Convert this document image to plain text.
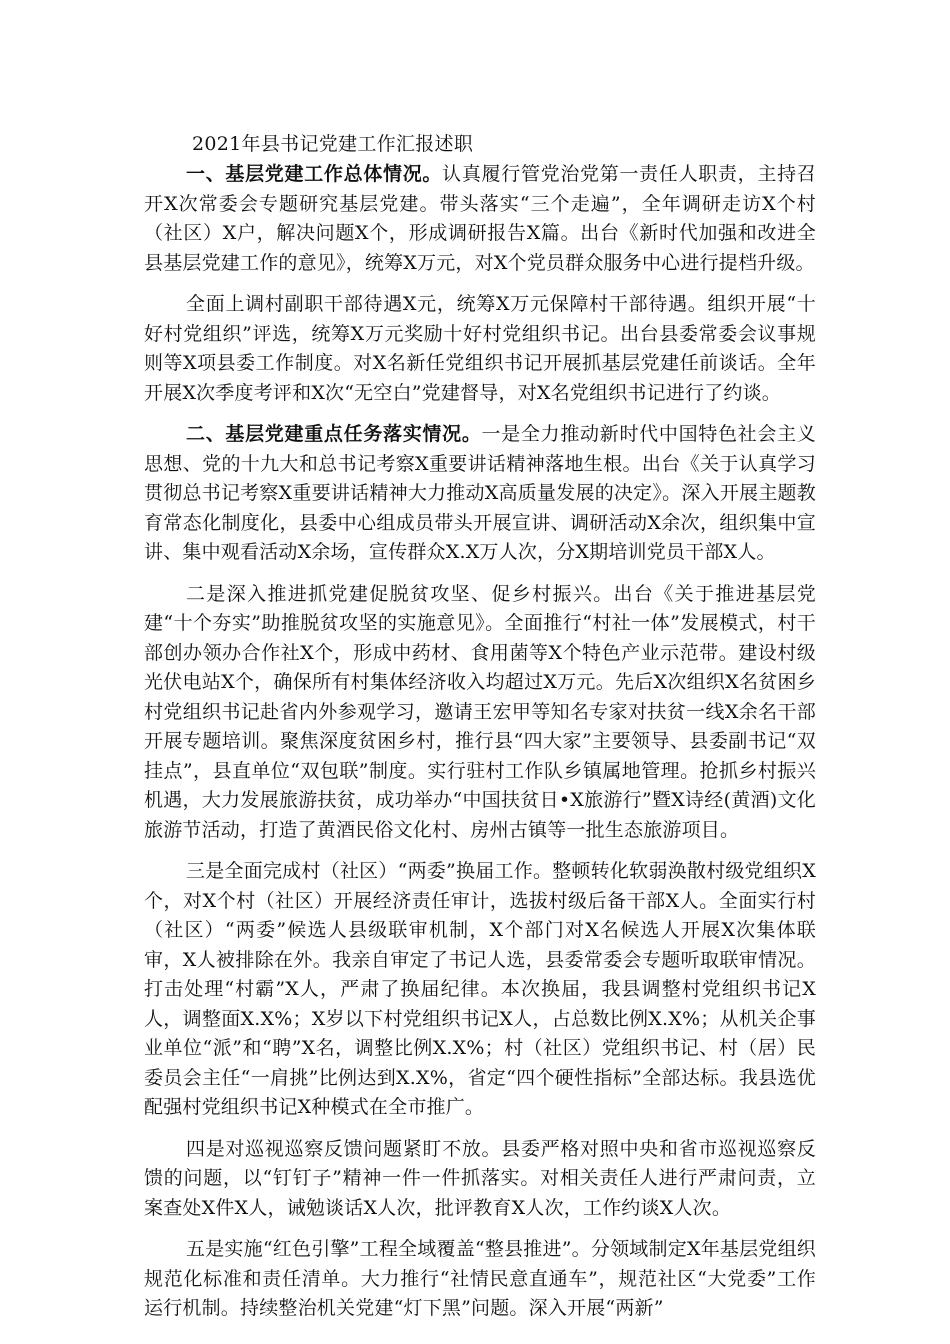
2021年县书记党建工作汇报述职

一、基层党建工作总体情况。认真履行管党治党第一责任人职责，主持召开X次常委会专题研究基层党建。带头落实“三个走遍”，全年调研走访X个村（社区）X户，解决问题X个，形成调研报告X篇。出台《新时代加强和改进全县基层党建工作的意见》，统筹X万元，对X个党员群众服务中心进行提档升级。

全面上调村副职干部待遇X元，统筹X万元保障村干部待遇。组织开展“十好村党组织”评选，统筹X万元奖励十好村党组织书记。出台县委常委会议事规则等X项县委工作制度。对X名新任党组织书记开展抓基层党建任前谈话。全年开展X次季度考评和X次“无空白”党建督导，对X名党组织书记进行了约谈。

二、基层党建重点任务落实情况。一是全力推动新时代中国特色社会主义思想、党的十九大和总书记考察X重要讲话精神落地生根。出台《关于认真学习贯彻总书记考察X重要讲话精神大力推动X高质量发展的决定》。深入开展主题教育常态化制度化，县委中心组成员带头开展宣讲、调研活动X余次，组织集中宣讲、集中观看活动X余场，宣传群众X.X万人次，分X期培训党员干部X人。

二是深入推进抓党建促脱贫攻坚、促乡村振兴。出台《关于推进基层党建“十个夯实”助推脱贫攻坚的实施意见》。全面推行“村社一体”发展模式，村干部创办领办合作社X个，形成中药材、食用菌等X个特色产业示范带。建设村级光伏电站X个，确保所有村集体经济收入均超过X万元。先后X次组织X名贫困乡村党组织书记赴省内外参观学习，邀请王宏甲等知名专家对扶贫一线X余名干部开展专题培训。聚焦深度贫困乡村，推行县“四大家”主要领导、县委副书记“双挂点”，县直单位“双包联”制度。实行驻村工作队乡镇属地管理。抢抓乡村振兴机遇，大力发展旅游扶贫，成功举办“中国扶贫日•X旅游行”暨X诗经(黄酒)文化旅游节活动，打造了黄酒民俗文化村、房州古镇等一批生态旅游项目。

三是全面完成村（社区）“两委”换届工作。整顿转化软弱涣散村级党组织X个，对X个村（社区）开展经济责任审计，选拔村级后备干部X人。全面实行村（社区）“两委”候选人县级联审机制，X个部门对X名候选人开展X次集体联审，X人被排除在外。我亲自审定了书记人选，县委常委会专题听取联审情况。打击处理“村霸”X人，严肃了换届纪律。本次换届，我县调整村党组织书记X人，调整面X.X%；X岁以下村党组织书记X人，占总数比例X.X%；从机关企事业单位“派”和“聘”X名，调整比例X.X%；村（社区）党组织书记、村（居）民委员会主任“一肩挑”比例达到X.X%，省定“四个硬性指标”全部达标。我县选优配强村党组织书记X种模式在全市推广。

四是对巡视巡察反馈问题紧盯不放。县委严格对照中央和省市巡视巡察反馈的问题，以“钉钉子”精神一件一件抓落实。对相关责任人进行严肃问责，立案查处X件X人，诫勉谈话X人次，批评教育X人次，工作约谈X人次。

五是实施“红色引擎”工程全域覆盖“整县推进”。分领域制定X年基层党组织规范化标准和责任清单。大力推行“社情民意直通车”，规范社区“大党委”工作运行机制。持续整治机关党建“灯下黑”问题。深入开展“两新”
